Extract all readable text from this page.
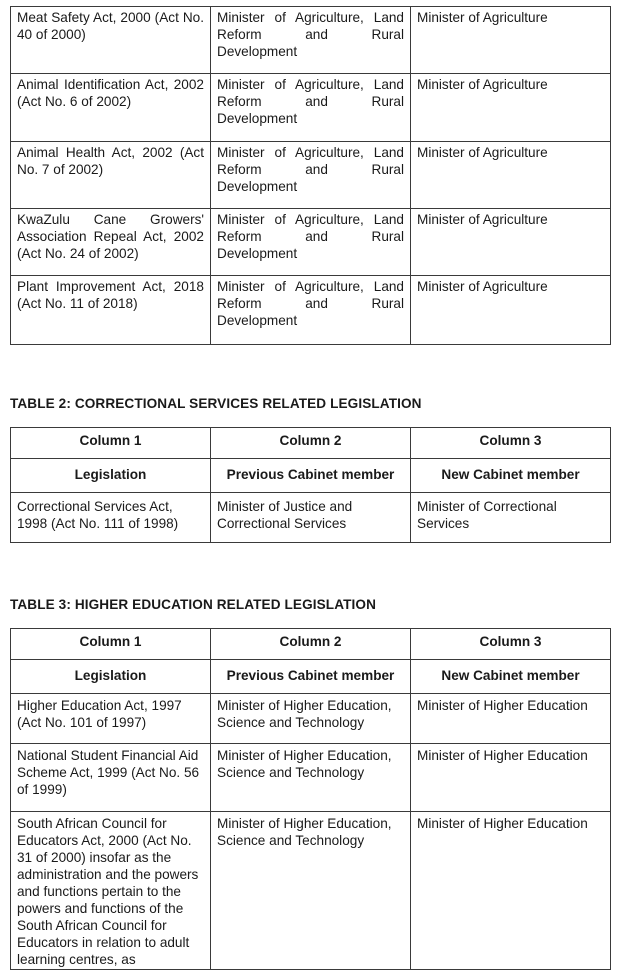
Meat Safety Act, 2000 (Act No. 40 of 2000)	Minister of Agriculture, Land Reform and Rural Development	Minister of Agriculture
Animal Identification Act, 2002 (Act No. 6 of 2002)	Minister of Agriculture, Land Reform and Rural Development	Minister of Agriculture
Animal Health Act, 2002 (Act No. 7 of 2002)	Minister of Agriculture, Land Reform and Rural Development	Minister of Agriculture
KwaZulu Cane Growers' Association Repeal Act, 2002 (Act No. 24 of 2002)	Minister of Agriculture, Land Reform and Rural Development	Minister of Agriculture
Plant Improvement Act, 2018 (Act No. 11 of 2018)	Minister of Agriculture, Land Reform and Rural Development	Minister of Agriculture
TABLE 2: CORRECTIONAL SERVICES RELATED LEGISLATION
Column 1	Column 2	Column 3
Legislation	Previous Cabinet member	New Cabinet member
Correctional Services Act, 1998 (Act No. 111 of 1998)	Minister of Justice and Correctional Services	Minister of Correctional Services
TABLE 3: HIGHER EDUCATION RELATED LEGISLATION
Column 1	Column 2	Column 3
Legislation	Previous Cabinet member	New Cabinet member
Higher Education Act, 1997 (Act No. 101 of 1997)	Minister of Higher Education, Science and Technology	Minister of Higher Education
National Student Financial Aid Scheme Act, 1999 (Act No. 56 of 1999)	Minister of Higher Education, Science and Technology	Minister of Higher Education
South African Council for Educators Act, 2000 (Act No. 31 of 2000) insofar as the administration and the powers and functions pertain to the powers and functions of the South African Council for Educators in relation to adult learning centres, as	Minister of Higher Education, Science and Technology	Minister of Higher Education
